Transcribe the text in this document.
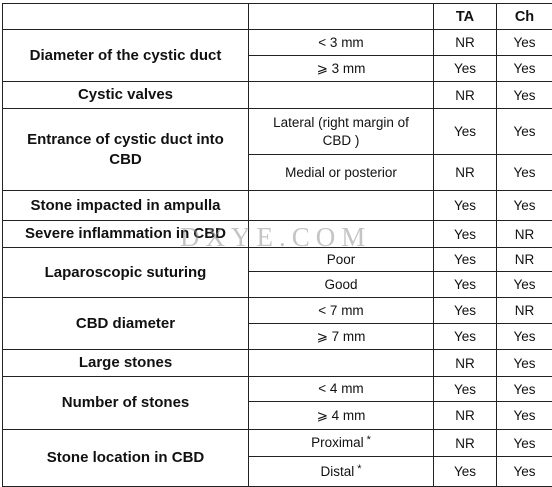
		TA	Ch
Diameter of the cystic duct	< 3 mm	NR	Yes
	⩾ 3 mm	Yes	Yes
Cystic valves		NR	Yes
Entrance of cystic duct into CBD	Lateral (right margin of CBD )	Yes	Yes
	Medial or posterior	NR	Yes
Stone impacted in ampulla		Yes	Yes
Severe inflammation in CBD		Yes	NR
Laparoscopic suturing	Poor	Yes	NR
	Good	Yes	Yes
CBD diameter	< 7 mm	Yes	NR
	⩾ 7 mm	Yes	Yes
Large stones		NR	Yes
Number of stones	< 4 mm	Yes	Yes
	⩾ 4 mm	NR	Yes
Stone location in CBD	Proximal *	NR	Yes
	Distal *	Yes	Yes
DXYE.COM
